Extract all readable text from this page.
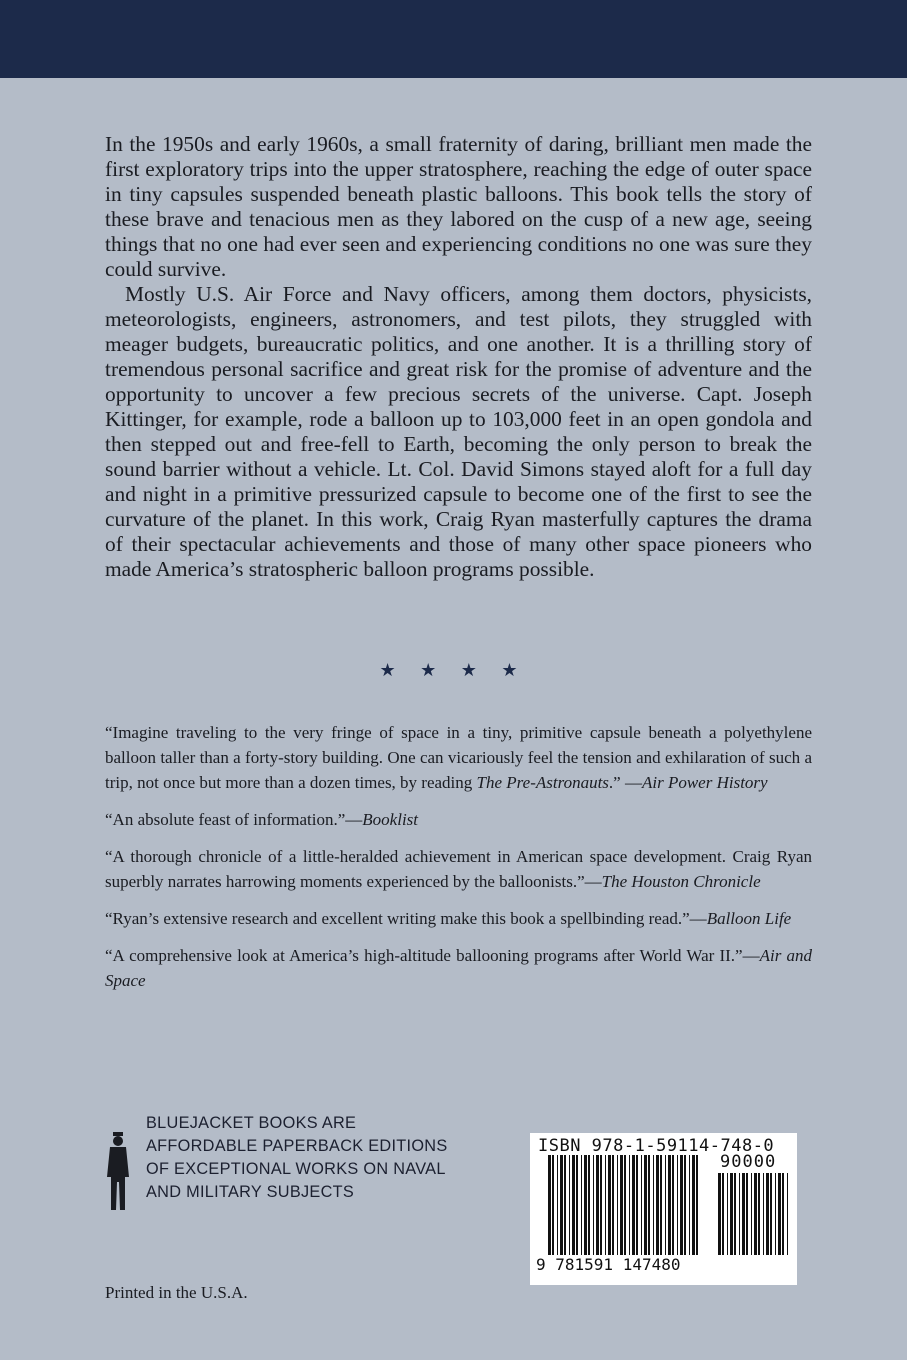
In the 1950s and early 1960s, a small fraternity of daring, brilliant men made the first exploratory trips into the upper stratosphere, reaching the edge of outer space in tiny capsules suspended beneath plastic balloons. This book tells the story of these brave and tenacious men as they labored on the cusp of a new age, seeing things that no one had ever seen and experiencing conditions no one was sure they could survive.

Mostly U.S. Air Force and Navy officers, among them doctors, physicists, meteorologists, engineers, astronomers, and test pilots, they struggled with meager budgets, bureaucratic politics, and one another. It is a thrilling story of tremendous personal sacrifice and great risk for the promise of adventure and the opportunity to uncover a few precious secrets of the universe. Capt. Joseph Kittinger, for example, rode a balloon up to 103,000 feet in an open gondola and then stepped out and free-fell to Earth, becoming the only person to break the sound barrier without a vehicle. Lt. Col. David Simons stayed aloft for a full day and night in a primitive pressurized capsule to become one of the first to see the curvature of the planet. In this work, Craig Ryan masterfully captures the drama of their spectacular achievements and those of many other space pioneers who made America’s stratospheric balloon programs possible.

★ ★ ★ ★

“Imagine traveling to the very fringe of space in a tiny, primitive capsule beneath a polyethylene balloon taller than a forty-story building. One can vicariously feel the tension and exhilaration of such a trip, not once but more than a dozen times, by reading The Pre-Astronauts.” —Air Power History

“An absolute feast of information.”—Booklist

“A thorough chronicle of a little-heralded achievement in American space development. Craig Ryan superbly narrates harrowing moments experienced by the balloonists.”—The Houston Chronicle

“Ryan’s extensive research and excellent writing make this book a spellbinding read.”—Balloon Life

“A comprehensive look at America’s high-altitude ballooning programs after World War II.”—Air and Space

BLUEJACKET BOOKS ARE
AFFORDABLE PAPERBACK EDITIONS
OF EXCEPTIONAL WORKS ON NAVAL
AND MILITARY SUBJECTS
ISBN 978-1-59114-748-0
90000
9 781591 147480
Printed in the U.S.A.
